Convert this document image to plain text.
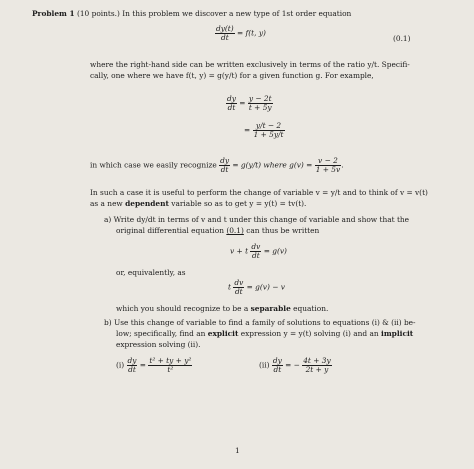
Problem 1 (10 points.) In this problem we discover a new type of 1st order equation
$\frac{dy(t)}{dt} = f(t$, y)
(0.1)
where the right-hand side can be written exclusively in terms of the ratio y/t. Specifi-
cally, one where we have f(t, y) = g(y/t) for a given function g. For example,
$\frac{dy}{dt} = \frac{y - 2t}{t + 5y}$
= $\frac{y/t - 2}{1 + 5y/t}$
in which case we easily recognize $\frac{dy}{dt} = g(y/t)$ where $g(v) = \frac{v - 2}{1 + 5v}$ .
In such a case it is useful to perform the change of variable v = y/t and to think of v = v(t)
as a new dependent variable so as to get y = y(t) = tv(t).
a) Write dy/dt in terms of v and t under this change of variable and show that the
original differential equation (0.1) can thus be written
v + t $\frac{dv}{dt} = g(v)$
or, equivalently, as
t $\frac{dv}{dt} = g(v) - v$
which you should recognize to be a separable equation.
b) Use this change of variable to find a family of solutions to equations (i) & (ii) be-
low; specifically, find an explicit expression y = y(t) solving (i) and an implicit
expression solving (ii).
$(i) \frac{dy}{dt} = \frac{\text{t² + ty + y²}}{\text{t²}}$	$(ii) \frac{dy}{dt}$ = − $\frac{4t + 3y}{2t + y}$
1
